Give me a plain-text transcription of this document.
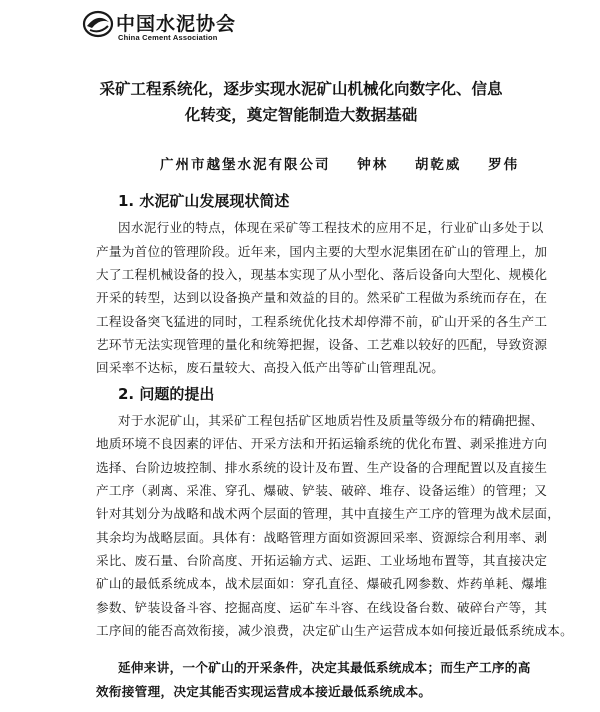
中国水泥协会
China Cement Association
采矿工程系统化，逐步实现水泥矿山机械化向数字化、信息
化转变，奠定智能制造大数据基础
广州市越堡水泥有限公司 钟林 胡乾威 罗伟
1. 水泥矿山发展现状简述
因水泥行业的特点，体现在采矿等工程技术的应用不足，行业矿山多处于以
产量为首位的管理阶段。近年来，国内主要的大型水泥集团在矿山的管理上，加
大了工程机械设备的投入，现基本实现了从小型化、落后设备向大型化、规模化
开采的转型，达到以设备换产量和效益的目的。然采矿工程做为系统而存在，在
工程设备突飞猛进的同时，工程系统优化技术却停滞不前，矿山开采的各生产工
艺环节无法实现管理的量化和统筹把握，设备、工艺难以较好的匹配，导致资源
回采率不达标，废石量较大、高投入低产出等矿山管理乱况。
2. 问题的提出
对于水泥矿山，其采矿工程包括矿区地质岩性及质量等级分布的精确把握、
地质环境不良因素的评估、开采方法和开拓运输系统的优化布置、剥采推进方向
选择、台阶边坡控制、排水系统的设计及布置、生产设备的合理配置以及直接生
产工序（剥离、采准、穿孔、爆破、铲装、破碎、堆存、设备运维）的管理；又
针对其划分为战略和战术两个层面的管理，其中直接生产工序的管理为战术层面，
其余均为战略层面。具体有：战略管理方面如资源回采率、资源综合利用率、剥
采比、废石量、台阶高度、开拓运输方式、运距、工业场地布置等，其直接决定
矿山的最低系统成本，战术层面如：穿孔直径、爆破孔网参数、炸药单耗、爆堆
参数、铲装设备斗容、挖掘高度、运矿车斗容、在线设备台数、破碎台产等，其
工序间的能否高效衔接，减少浪费，决定矿山生产运营成本如何接近最低系统成本。
延伸来讲，一个矿山的开采条件，决定其最低系统成本；而生产工序的高
效衔接管理，决定其能否实现运营成本接近最低系统成本。
